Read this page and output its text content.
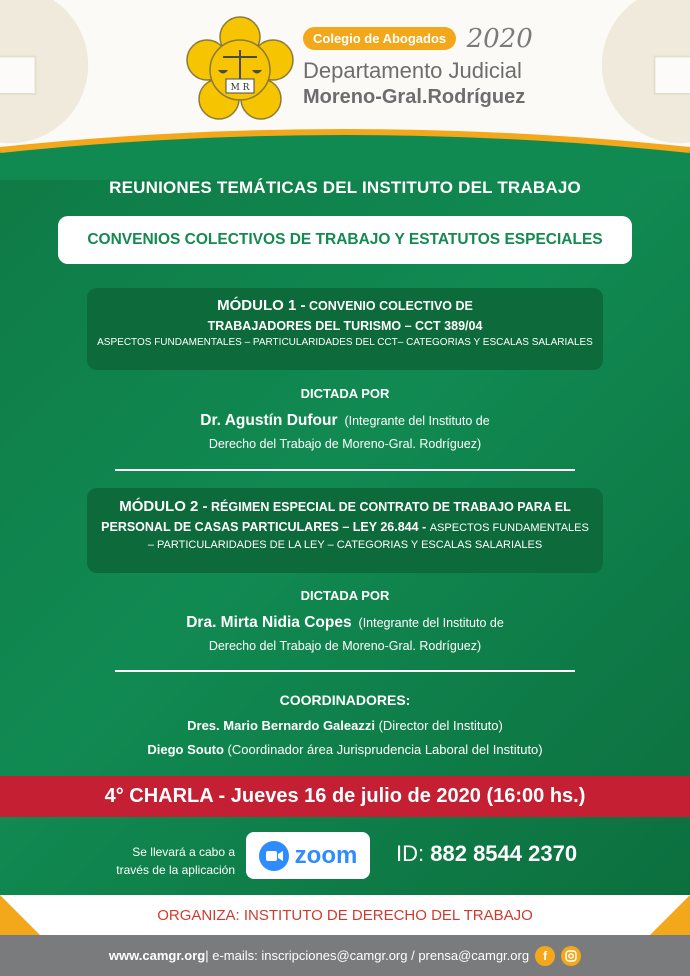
M R
Colegio de Abogados 2020
Departamento Judicial
Moreno-Gral.Rodríguez
REUNIONES TEMÁTICAS DEL INSTITUTO DEL TRABAJO
CONVENIOS COLECTIVOS DE TRABAJO Y ESTATUTOS ESPECIALES
MÓDULO 1 - CONVENIO COLECTIVO DE
TRABAJADORES DEL TURISMO – CCT 389/04
ASPECTOS FUNDAMENTALES – PARTICULARIDADES DEL CCT– CATEGORIAS Y ESCALAS SALARIALES
DICTADA POR
Dr. Agustín Dufour (Integrante del Instituto de
Derecho del Trabajo de Moreno-Gral. Rodríguez)
MÓDULO 2 - RÉGIMEN ESPECIAL DE CONTRATO DE TRABAJO PARA EL
PERSONAL DE CASAS PARTICULARES – LEY 26.844 - ASPECTOS FUNDAMENTALES
– PARTICULARIDADES DE LA LEY – CATEGORIAS Y ESCALAS SALARIALES
DICTADA POR
Dra. Mirta Nidia Copes (Integrante del Instituto de
Derecho del Trabajo de Moreno-Gral. Rodríguez)
COORDINADORES:
Dres. Mario Bernardo Galeazzi (Director del Instituto)
Diego Souto (Coordinador área Jurisprudencia Laboral del Instituto)
4° CHARLA - Jueves 16 de julio de 2020 (16:00 hs.)
Se llevará a cabo a
través de la aplicación
zoom ID: 882 8544 2370
ORGANIZA: INSTITUTO DE DERECHO DEL TRABAJO
www.camgr.org | e-mails: inscripciones@camgr.org / prensa@camgr.org	f
